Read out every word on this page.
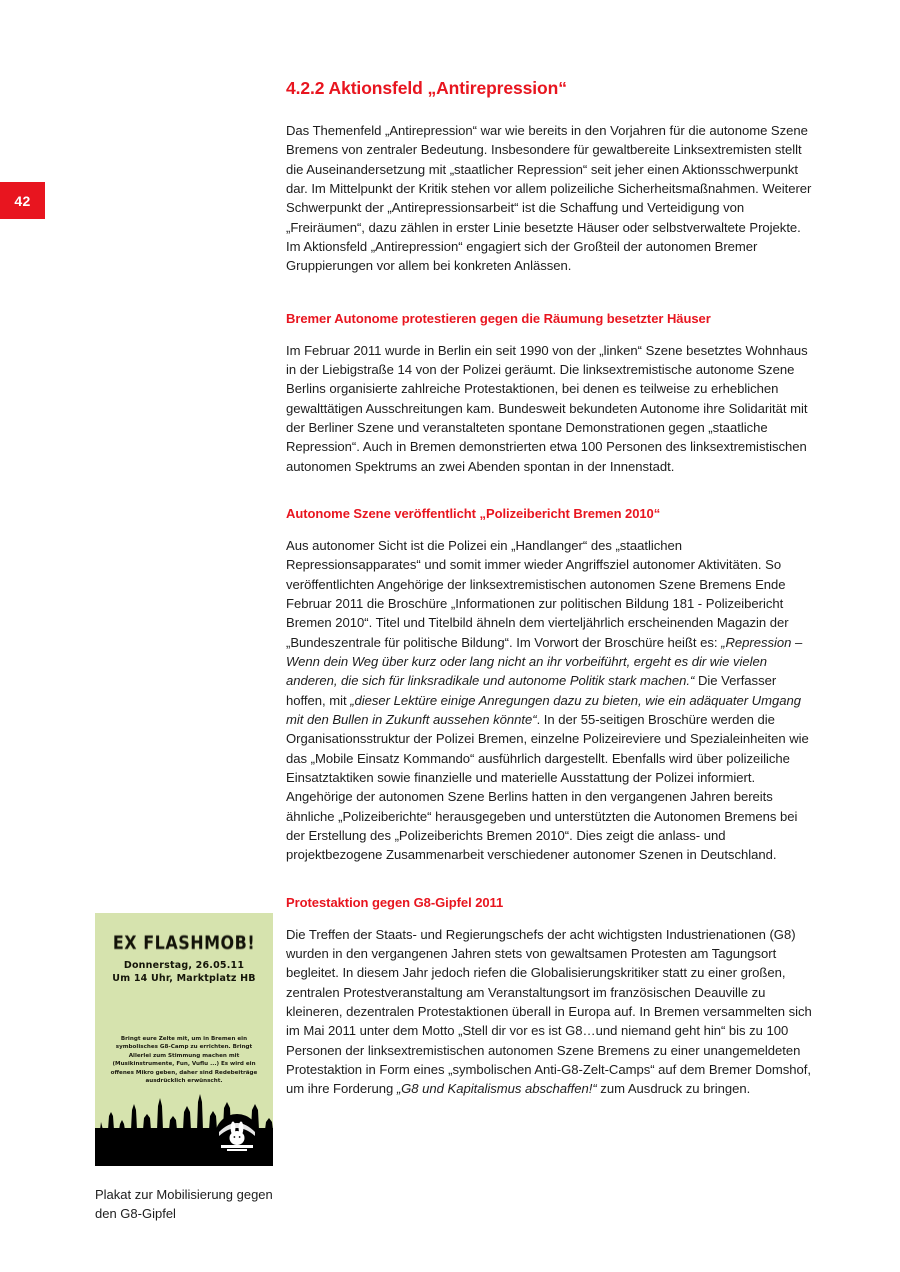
42
4.2.2 Aktionsfeld „Antirepression“

Das Themenfeld „Antirepression“ war wie bereits in den Vorjahren für die autonome Szene Bremens von zentraler Bedeutung. Insbesondere für gewaltbereite Linksextremisten stellt die Auseinandersetzung mit „staatlicher Repression“ seit jeher einen Aktionsschwerpunkt dar. Im Mittelpunkt der Kritik stehen vor allem polizeiliche Sicherheitsmaßnahmen. Weiterer Schwerpunkt der „Antirepressionsarbeit“ ist die Schaffung und Verteidigung von „Freiräumen“, dazu zählen in erster Linie besetzte Häuser oder selbstverwaltete Projekte. Im Aktionsfeld „Antirepression“ engagiert sich der Großteil der autonomen Bremer Gruppierungen vor allem bei konkreten Anlässen.

Bremer Autonome protestieren gegen die Räumung besetzter Häuser

Im Februar 2011 wurde in Berlin ein seit 1990 von der „linken“ Szene besetztes Wohnhaus in der Liebigstraße 14 von der Polizei geräumt. Die linksextremistische autonome Szene Berlins organisierte zahlreiche Protestaktionen, bei denen es teilweise zu erheblichen gewalttätigen Ausschreitungen kam. Bundesweit bekundeten Autonome ihre Solidarität mit der Berliner Szene und veranstalteten spontane Demonstrationen gegen „staatliche Repression“. Auch in Bremen demonstrierten etwa 100 Personen des linksextremistischen autonomen Spektrums an zwei Abenden spontan in der Innenstadt.

Autonome Szene veröffentlicht „Polizeibericht Bremen 2010“

Aus autonomer Sicht ist die Polizei ein „Handlanger“ des „staatlichen Repressionsapparates“ und somit immer wieder Angriffsziel autonomer Aktivitäten. So veröffentlichten Angehörige der linksextremistischen autonomen Szene Bremens Ende Februar 2011 die Broschüre „Informationen zur politischen Bildung 181 - Polizeibericht Bremen 2010“. Titel und Titelbild ähneln dem vierteljährlich erscheinenden Magazin der „Bundeszentrale für politische Bildung“. Im Vorwort der Broschüre heißt es: „Repression – Wenn dein Weg über kurz oder lang nicht an ihr vorbeiführt, ergeht es dir wie vielen anderen, die sich für linksradikale und autonome Politik stark machen.“ Die Verfasser hoffen, mit „dieser Lektüre einige Anregungen dazu zu bieten, wie ein adäquater Umgang mit den Bullen in Zukunft aussehen könnte“. In der 55-seitigen Broschüre werden die Organisationsstruktur der Polizei Bremen, einzelne Polizeireviere und Spezialeinheiten wie das „Mobile Einsatz Kommando“ ausführlich dargestellt. Ebenfalls wird über polizeiliche Einsatztaktiken sowie finanzielle und materielle Ausstattung der Polizei informiert. Angehörige der autonomen Szene Berlins hatten in den vergangenen Jahren bereits ähnliche „Polizeiberichte“ herausgegeben und unterstützten die Autonomen Bremens bei der Erstellung des „Polizeiberichts Bremen 2010“. Dies zeigt die anlass- und projektbezogene Zusammenarbeit verschiedener autonomer Szenen in Deutschland.

Protestaktion gegen G8-Gipfel 2011

Die Treffen der Staats- und Regierungschefs der acht wichtigsten Industrienationen (G8) wurden in den vergangenen Jahren stets von gewaltsamen Protesten am Tagungsort begleitet. In diesem Jahr jedoch riefen die Globalisierungskritiker statt zu einer großen, zentralen Protestveranstaltung am Veranstaltungsort im französischen Deauville zu kleineren, dezentralen Protestaktionen überall in Europa auf. In Bremen versammelten sich im Mai 2011 unter dem Motto „Stell dir vor es ist G8…und niemand geht hin“ bis zu 100 Personen der linksextremistischen autonomen Szene Bremens zu einer unangemeldeten Protestaktion in Form eines „symbolischen Anti-G8-Zelt-Camps“ auf dem Bremer Domshof, um ihre Forderung „G8 und Kapitalismus abschaffen!“ zum Ausdruck zu bringen.

EX FLASHMOB!
Donnerstag, 26.05.11
Um 14 Uhr, Marktplatz HB
Bringt eure Zelte mit, um in Bremen ein symbolisches G8-Camp zu errichten. Bringt Allerlei zum Stimmung machen mit (Musikinstrumente, Fun, Vuflu ...) Es wird ein offenes Mikro geben, daher sind Redebeiträge ausdrücklich erwünscht.
Plakat zur Mobilisierung gegen den G8-Gipfel
